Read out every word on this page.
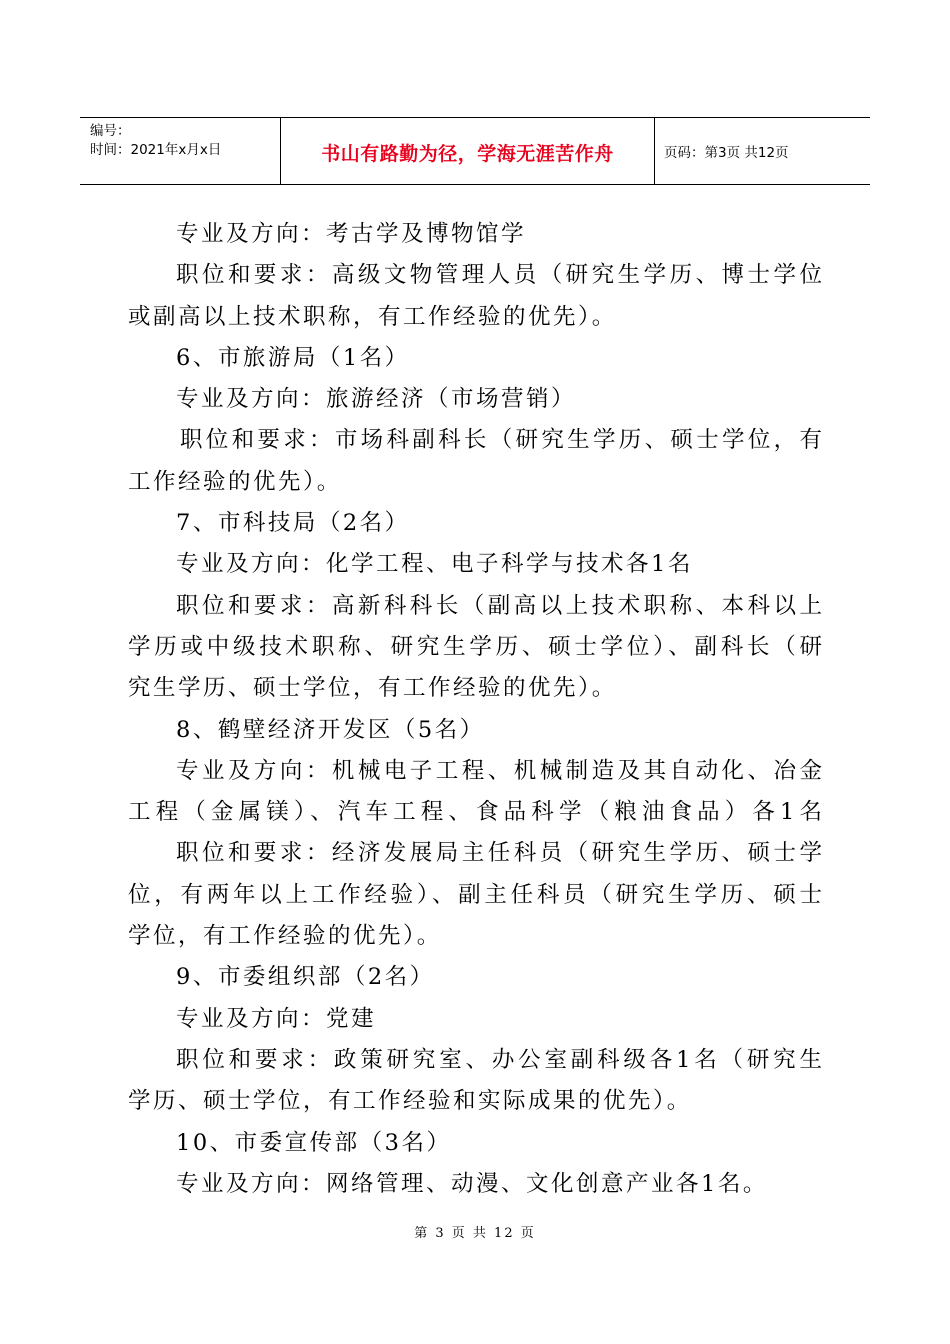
编号：
时间：2021年x月x日	书山有路勤为径，学海无涯苦作舟	页码：第3页 共12页
专业及方向：考古学及博物馆学
职位和要求：高级文物管理人员（研究生学历、博士学位
或副高以上技术职称，有工作经验的优先）。
6、市旅游局（1名）
专业及方向：旅游经济（市场营销）
职位和要求：市场科副科长（研究生学历、硕士学位，有
工作经验的优先）。
7、市科技局（2名）
专业及方向：化学工程、电子科学与技术各1名
职位和要求：高新科科长（副高以上技术职称、本科以上
学历或中级技术职称、研究生学历、硕士学位）、副科长（研
究生学历、硕士学位，有工作经验的优先）。
8、鹤壁经济开发区（5名）
专业及方向：机械电子工程、机械制造及其自动化、冶金
工程（金属镁）、汽车工程、食品科学（粮油食品）各1名
职位和要求：经济发展局主任科员（研究生学历、硕士学
位，有两年以上工作经验）、副主任科员（研究生学历、硕士
学位，有工作经验的优先）。
9、市委组织部（2名）
专业及方向：党建
职位和要求：政策研究室、办公室副科级各1名（研究生
学历、硕士学位，有工作经验和实际成果的优先）。
10、市委宣传部（3名）
专业及方向：网络管理、动漫、文化创意产业各1名。
第 3 页 共 12 页
